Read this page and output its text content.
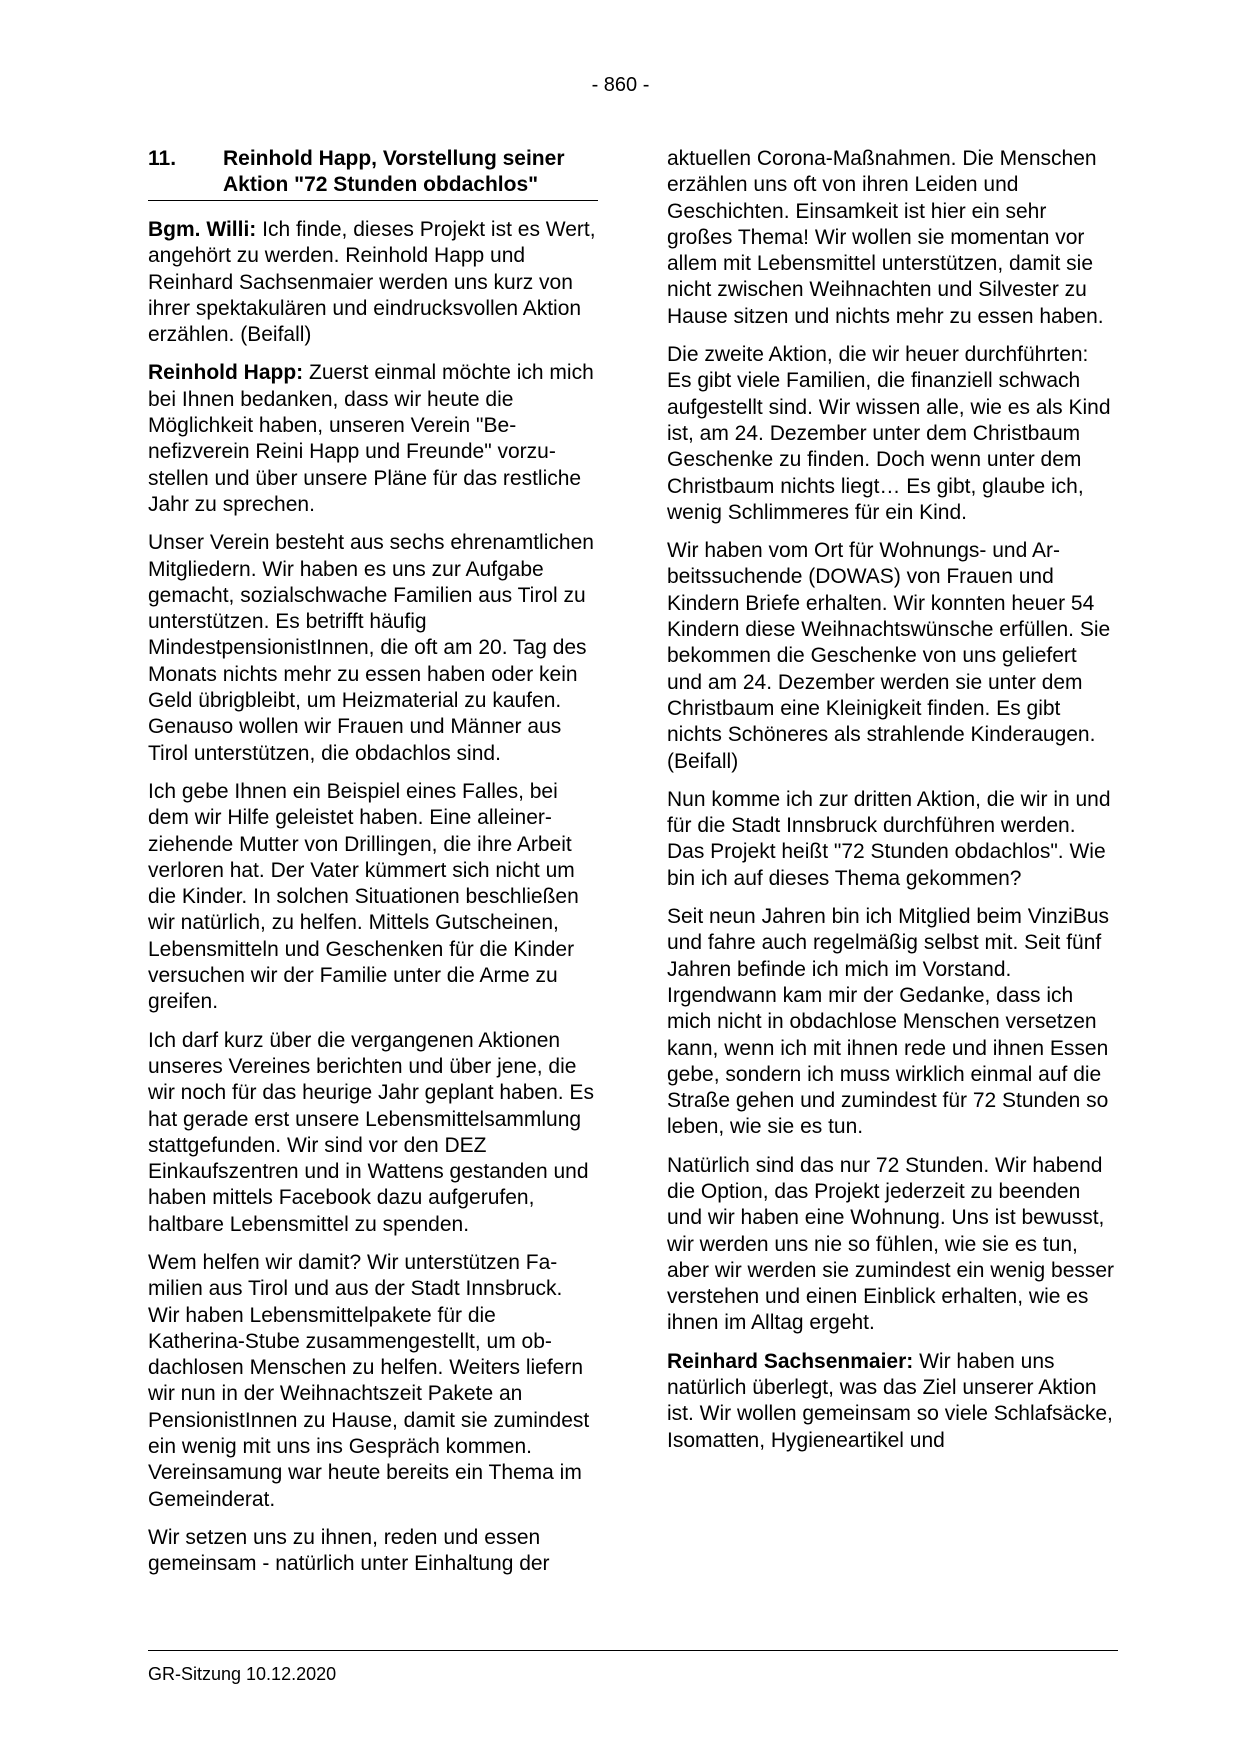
- 860 -
11.	Reinhold Happ, Vorstellung seiner Aktion "72 Stunden obdachlos"

Bgm. Willi: Ich finde, dieses Projekt ist es Wert, angehört zu werden. Reinhold Happ und Reinhard Sachsenmaier werden uns kurz von ihrer spektakulären und eindrucksvollen Aktion erzählen. (Beifall)

Reinhold Happ: Zuerst einmal möchte ich mich bei Ihnen bedanken, dass wir heute die Möglichkeit haben, unseren Verein "Benefizverein Reini Happ und Freunde" vorzustellen und über unsere Pläne für das restliche Jahr zu sprechen.

Unser Verein besteht aus sechs ehrenamtlichen Mitgliedern. Wir haben es uns zur Aufgabe gemacht, sozialschwache Familien aus Tirol zu unterstützen. Es betrifft häufig MindestpensionistInnen, die oft am 20. Tag des Monats nichts mehr zu essen haben oder kein Geld übrigbleibt, um Heizmaterial zu kaufen. Genauso wollen wir Frauen und Männer aus Tirol unterstützen, die obdachlos sind.

Ich gebe Ihnen ein Beispiel eines Falles, bei dem wir Hilfe geleistet haben. Eine alleinerziehende Mutter von Drillingen, die ihre Arbeit verloren hat. Der Vater kümmert sich nicht um die Kinder. In solchen Situationen beschließen wir natürlich, zu helfen. Mittels Gutscheinen, Lebensmitteln und Geschenken für die Kinder versuchen wir der Familie unter die Arme zu greifen.

Ich darf kurz über die vergangenen Aktionen unseres Vereines berichten und über jene, die wir noch für das heurige Jahr geplant haben. Es hat gerade erst unsere Lebensmittelsammlung stattgefunden. Wir sind vor den DEZ Einkaufszentren und in Wattens gestanden und haben mittels Facebook dazu aufgerufen, haltbare Lebensmittel zu spenden.

Wem helfen wir damit? Wir unterstützen Familien aus Tirol und aus der Stadt Innsbruck. Wir haben Lebensmittelpakete für die Katherina-Stube zusammengestellt, um obdachlosen Menschen zu helfen. Weiters liefern wir nun in der Weihnachtszeit Pakete an PensionistInnen zu Hause, damit sie zumindest ein wenig mit uns ins Gespräch kommen. Vereinsamung war heute bereits ein Thema im Gemeinderat.

Wir setzen uns zu ihnen, reden und essen gemeinsam - natürlich unter Einhaltung der

aktuellen Corona-Maßnahmen. Die Menschen erzählen uns oft von ihren Leiden und Geschichten. Einsamkeit ist hier ein sehr großes Thema! Wir wollen sie momentan vor allem mit Lebensmittel unterstützen, damit sie nicht zwischen Weihnachten und Silvester zu Hause sitzen und nichts mehr zu essen haben.

Die zweite Aktion, die wir heuer durchführten: Es gibt viele Familien, die finanziell schwach aufgestellt sind. Wir wissen alle, wie es als Kind ist, am 24. Dezember unter dem Christbaum Geschenke zu finden. Doch wenn unter dem Christbaum nichts liegt… Es gibt, glaube ich, wenig Schlimmeres für ein Kind.

Wir haben vom Ort für Wohnungs- und Arbeitssuchende (DOWAS) von Frauen und Kindern Briefe erhalten. Wir konnten heuer 54 Kindern diese Weihnachtswünsche erfüllen. Sie bekommen die Geschenke von uns geliefert und am 24. Dezember werden sie unter dem Christbaum eine Kleinigkeit finden. Es gibt nichts Schöneres als strahlende Kinderaugen. (Beifall)

Nun komme ich zur dritten Aktion, die wir in und für die Stadt Innsbruck durchführen werden. Das Projekt heißt "72 Stunden obdachlos". Wie bin ich auf dieses Thema gekommen?

Seit neun Jahren bin ich Mitglied beim VinziBus und fahre auch regelmäßig selbst mit. Seit fünf Jahren befinde ich mich im Vorstand. Irgendwann kam mir der Gedanke, dass ich mich nicht in obdachlose Menschen versetzen kann, wenn ich mit ihnen rede und ihnen Essen gebe, sondern ich muss wirklich einmal auf die Straße gehen und zumindest für 72 Stunden so leben, wie sie es tun.

Natürlich sind das nur 72 Stunden. Wir habend die Option, das Projekt jederzeit zu beenden und wir haben eine Wohnung. Uns ist bewusst, wir werden uns nie so fühlen, wie sie es tun, aber wir werden sie zumindest ein wenig besser verstehen und einen Einblick erhalten, wie es ihnen im Alltag ergeht.

Reinhard Sachsenmaier: Wir haben uns natürlich überlegt, was das Ziel unserer Aktion ist. Wir wollen gemeinsam so viele Schlafsäcke, Isomatten, Hygieneartikel und

GR-Sitzung 10.12.2020
